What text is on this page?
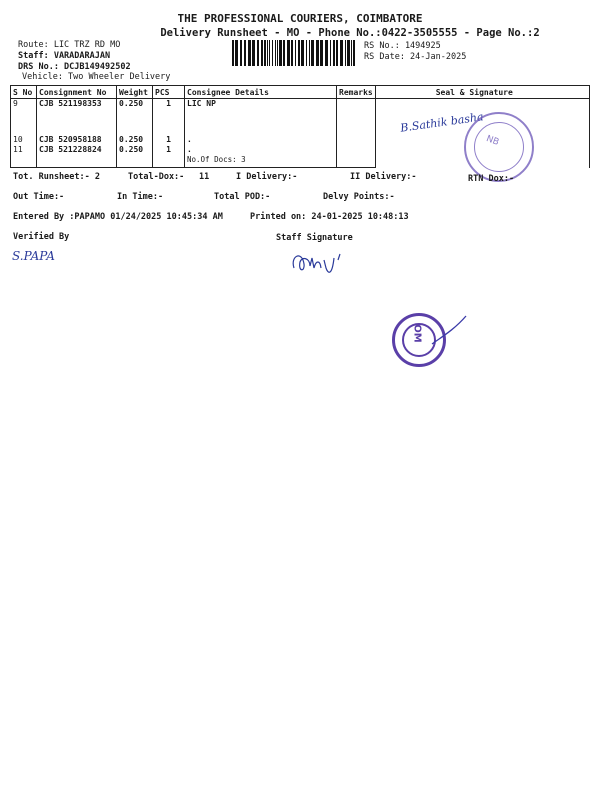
THE PROFESSIONAL COURIERS, COIMBATORE
Delivery Runsheet - MO - Phone No.:0422-3505555 - Page No.:2
Route: LIC TRZ RD MO
Staff: VARADARAJAN
DRS No.: DCJB149492502
Vehicle: Two Wheeler Delivery
RS No.: 1494925
RS Date: 24-Jan-2025
S No	Consignment No	Weight	PCS	Consignee Details	Remarks	Seal & Signature
9	CJB 521198353	0.250	1	LIC NP		
10	CJB 520958188	0.250	1	.		
11	CJB 521228824	0.250	1	.
No.Of Docs: 3		

B.Sathik basha
NB
Tot. Runsheet:- 2	Total-Dox:- 11	I Delivery:-	II Delivery:-	RTN Dox:-
Out Time:-	In Time:-	Total POD:-	Delvy Points:-
Entered By :PAPAMO 01/24/2025 10:45:34 AM	Printed on: 24-01-2025 10:48:13
Verified By	Staff Signature
S.PAPA
OM
